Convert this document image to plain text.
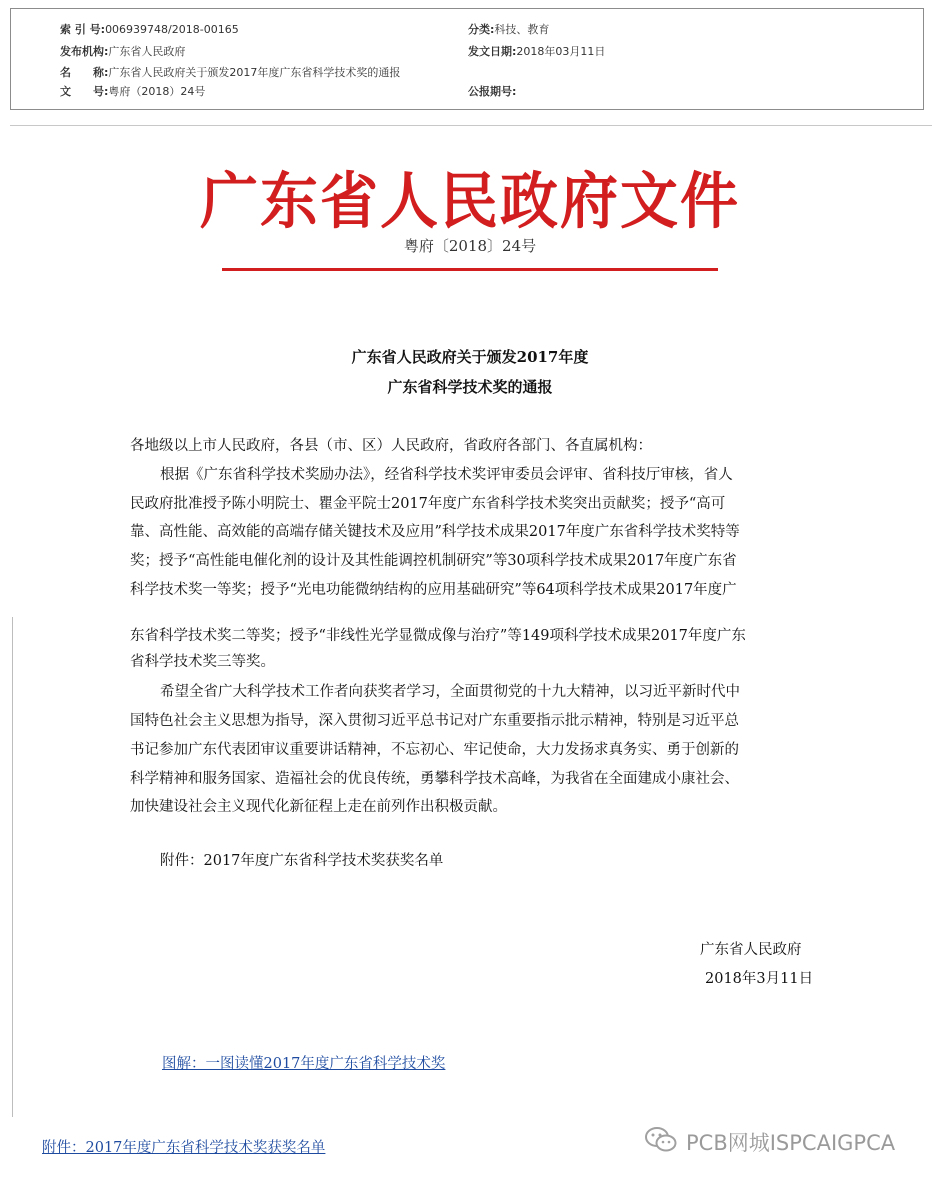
索 引 号:006939748/2018-00165	分类:科技、教育
发布机构:广东省人民政府	发文日期:2018年03月11日
名　　称:广东省人民政府关于颁发2017年度广东省科学技术奖的通报
文　　号:粤府（2018）24号	公报期号:
广东省人民政府文件
粤府〔2018〕24号
广东省人民政府关于颁发2017年度
广东省科学技术奖的通报
各地级以上市人民政府，各县（市、区）人民政府，省政府各部门、各直属机构：
根据《广东省科学技术奖励办法》，经省科学技术奖评审委员会评审、省科技厅审核，省人
民政府批准授予陈小明院士、瞿金平院士2017年度广东省科学技术奖突出贡献奖；授予“高可
靠、高性能、高效能的高端存储关键技术及应用”科学技术成果2017年度广东省科学技术奖特等
奖；授予“高性能电催化剂的设计及其性能调控机制研究”等30项科学技术成果2017年度广东省
科学技术奖一等奖；授予“光电功能微纳结构的应用基础研究”等64项科学技术成果2017年度广
东省科学技术奖二等奖；授予“非线性光学显微成像与治疗”等149项科学技术成果2017年度广东
省科学技术奖三等奖。
希望全省广大科学技术工作者向获奖者学习，全面贯彻党的十九大精神，以习近平新时代中
国特色社会主义思想为指导，深入贯彻习近平总书记对广东重要指示批示精神，特别是习近平总
书记参加广东代表团审议重要讲话精神，不忘初心、牢记使命，大力发扬求真务实、勇于创新的
科学精神和服务国家、造福社会的优良传统，勇攀科学技术高峰，为我省在全面建成小康社会、
加快建设社会主义现代化新征程上走在前列作出积极贡献。
附件：2017年度广东省科学技术奖获奖名单
广东省人民政府
2018年3月11日
图解：一图读懂2017年度广东省科学技术奖
附件：2017年度广东省科学技术奖获奖名单	PCB网城ISPCAIGPCA
